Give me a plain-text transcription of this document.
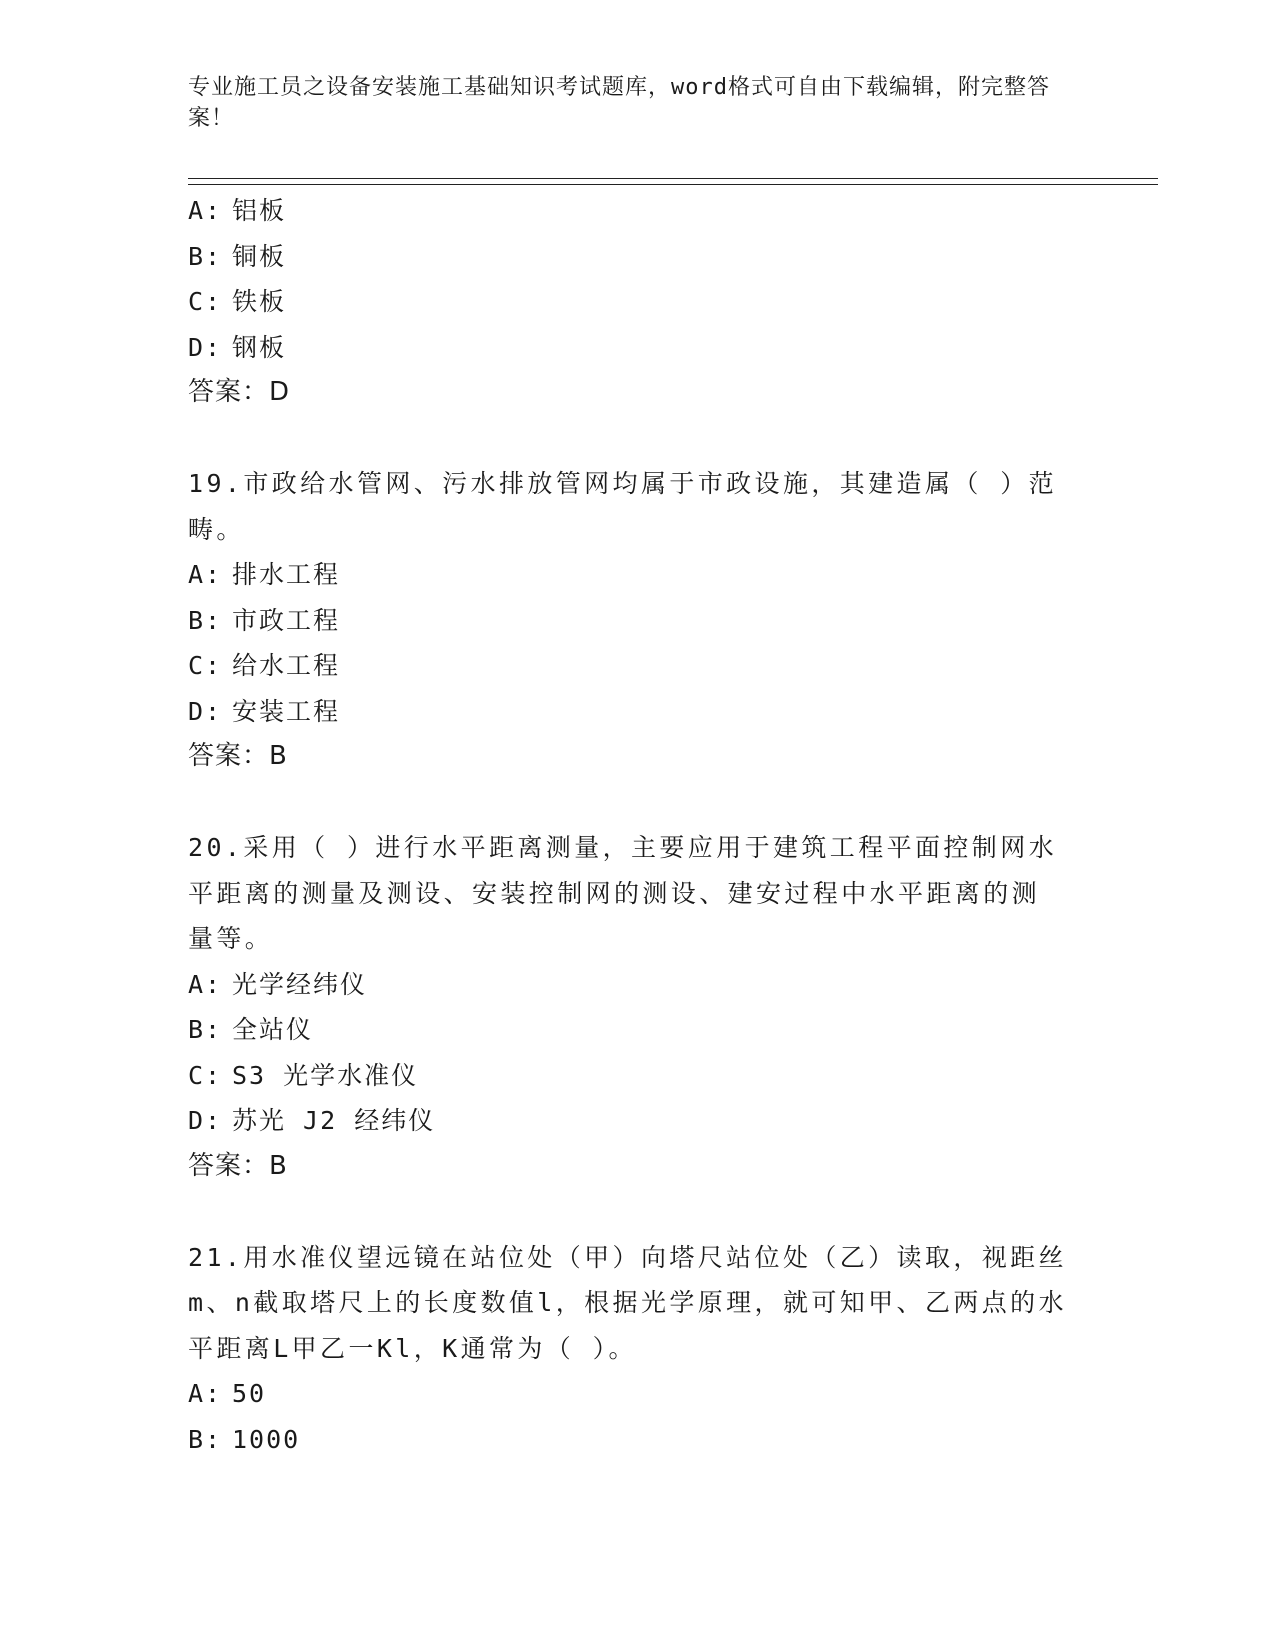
专业施工员之设备安装施工基础知识考试题库，word格式可自由下载编辑，附完整答案！
A: 铝板
B: 铜板
C: 铁板
D: 钢板
答案：D
19.市政给水管网、污水排放管网均属于市政设施，其建造属（ ）范畴。
A: 排水工程
B: 市政工程
C: 给水工程
D: 安装工程
答案：B
20.采用（ ）进行水平距离测量，主要应用于建筑工程平面控制网水平距离的测量及测设、安装控制网的测设、建安过程中水平距离的测量等。
A: 光学经纬仪
B: 全站仪
C: S3 光学水准仪
D: 苏光 J2 经纬仪
答案：B
21.用水准仪望远镜在站位处（甲）向塔尺站位处（乙）读取，视距丝m、n截取塔尺上的长度数值l，根据光学原理，就可知甲、乙两点的水平距离L甲乙一Kl，K通常为（ ）。
A: 50
B: 1000
